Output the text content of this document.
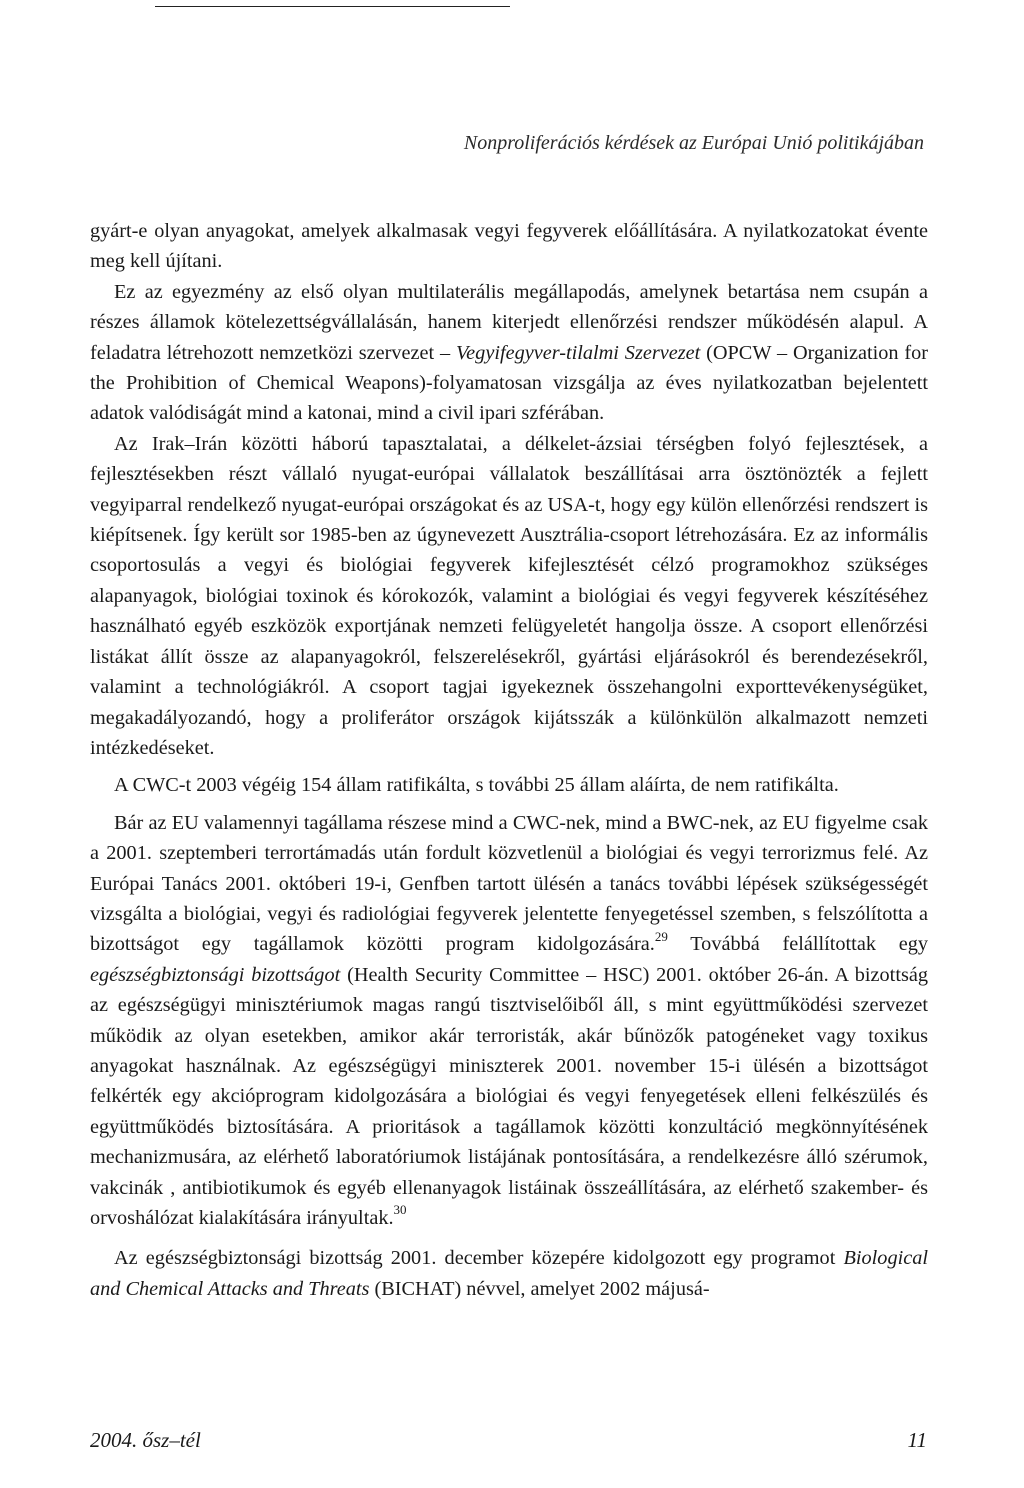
Nonproliferációs kérdések az Európai Unió politikájában

gyárt-e olyan anyagokat, amelyek alkalmasak vegyi fegyverek előállítására. A nyilatkozatokat évente meg kell újítani.

Ez az egyezmény az első olyan multilaterális megállapodás, amelynek betartása nem csupán a részes államok kötelezettségvállalásán, hanem kiterjedt ellenőrzési rendszer működésén alapul. A feladatra létrehozott nemzetközi szervezet – Vegyifegyver-tilalmi Szervezet (OPCW – Organization for the Prohibition of Chemical Weapons)-folyamatosan vizsgálja az éves nyilatkozatban bejelentett adatok valódiságát mind a katonai, mind a civil ipari szférában.

Az Irak–Irán közötti háború tapasztalatai, a délkelet-ázsiai térségben folyó fejlesztések, a fejlesztésekben részt vállaló nyugat-európai vállalatok beszállításai arra ösztönözték a fejlett vegyiparral rendelkező nyugat-európai országokat és az USA-t, hogy egy külön ellenőrzési rendszert is kiépítsenek. Így került sor 1985-ben az úgynevezett Ausztrália-csoport létrehozására. Ez az informális csoportosulás a vegyi és biológiai fegyverek kifejlesztését célzó programokhoz szükséges alapanyagok, biológiai toxinok és kórokozók, valamint a biológiai és vegyi fegyverek készítéséhez használható egyéb eszközök exportjának nemzeti felügyeletét hangolja össze. A csoport ellenőrzési listákat állít össze az alapanyagokról, felszerelésekről, gyártási eljárásokról és berendezésekről, valamint a technológiákról. A csoport tagjai igyekeznek összehangolni exporttevékenységüket, megakadályozandó, hogy a proliferátor országok kijátsszák a különkülön alkalmazott nemzeti intézkedéseket.

A CWC-t 2003 végéig 154 állam ratifikálta, s további 25 állam aláírta, de nem ratifikálta.

Bár az EU valamennyi tagállama részese mind a CWC-nek, mind a BWC-nek, az EU figyelme csak a 2001. szeptemberi terrortámadás után fordult közvetlenül a biológiai és vegyi terrorizmus felé. Az Európai Tanács 2001. októberi 19-i, Genfben tartott ülésén a tanács további lépések szükségességét vizsgálta a biológiai, vegyi és radiológiai fegyverek jelentette fenyegetéssel szemben, s felszólította a bizottságot egy tagállamok közötti program kidolgozására.$^{29}$ Továbbá felállítottak egy egészségbiztonsági bizottságot (Health Security Committee – HSC) 2001. október 26-án. A bizottság az egészségügyi minisztériumok magas rangú tisztviselőiből áll, s mint együttműködési szervezet működik az olyan esetekben, amikor akár terroristák, akár bűnözők patogéneket vagy toxikus anyagokat használnak. Az egészségügyi miniszterek 2001. november 15-i ülésén a bizottságot felkérték egy akcióprogram kidolgozására a biológiai és vegyi fenyegetések elleni felkészülés és együttműködés biztosítására. A prioritások a tagállamok közötti konzultáció megkönnyítésének mechanizmusára, az elérhető laboratóriumok listájának pontosítására, a rendelkezésre álló szérumok, vakcinák , antibiotikumok és egyéb ellenanyagok listáinak összeállítására, az elérhető szakember- és orvoshálózat kialakítására irányultak.$^{30}$

Az egészségbiztonsági bizottság 2001. december közepére kidolgozott egy programot Biological and Chemical Attacks and Threats (BICHAT) névvel, amelyet 2002 májusá-

2004. ősz–tél	11
